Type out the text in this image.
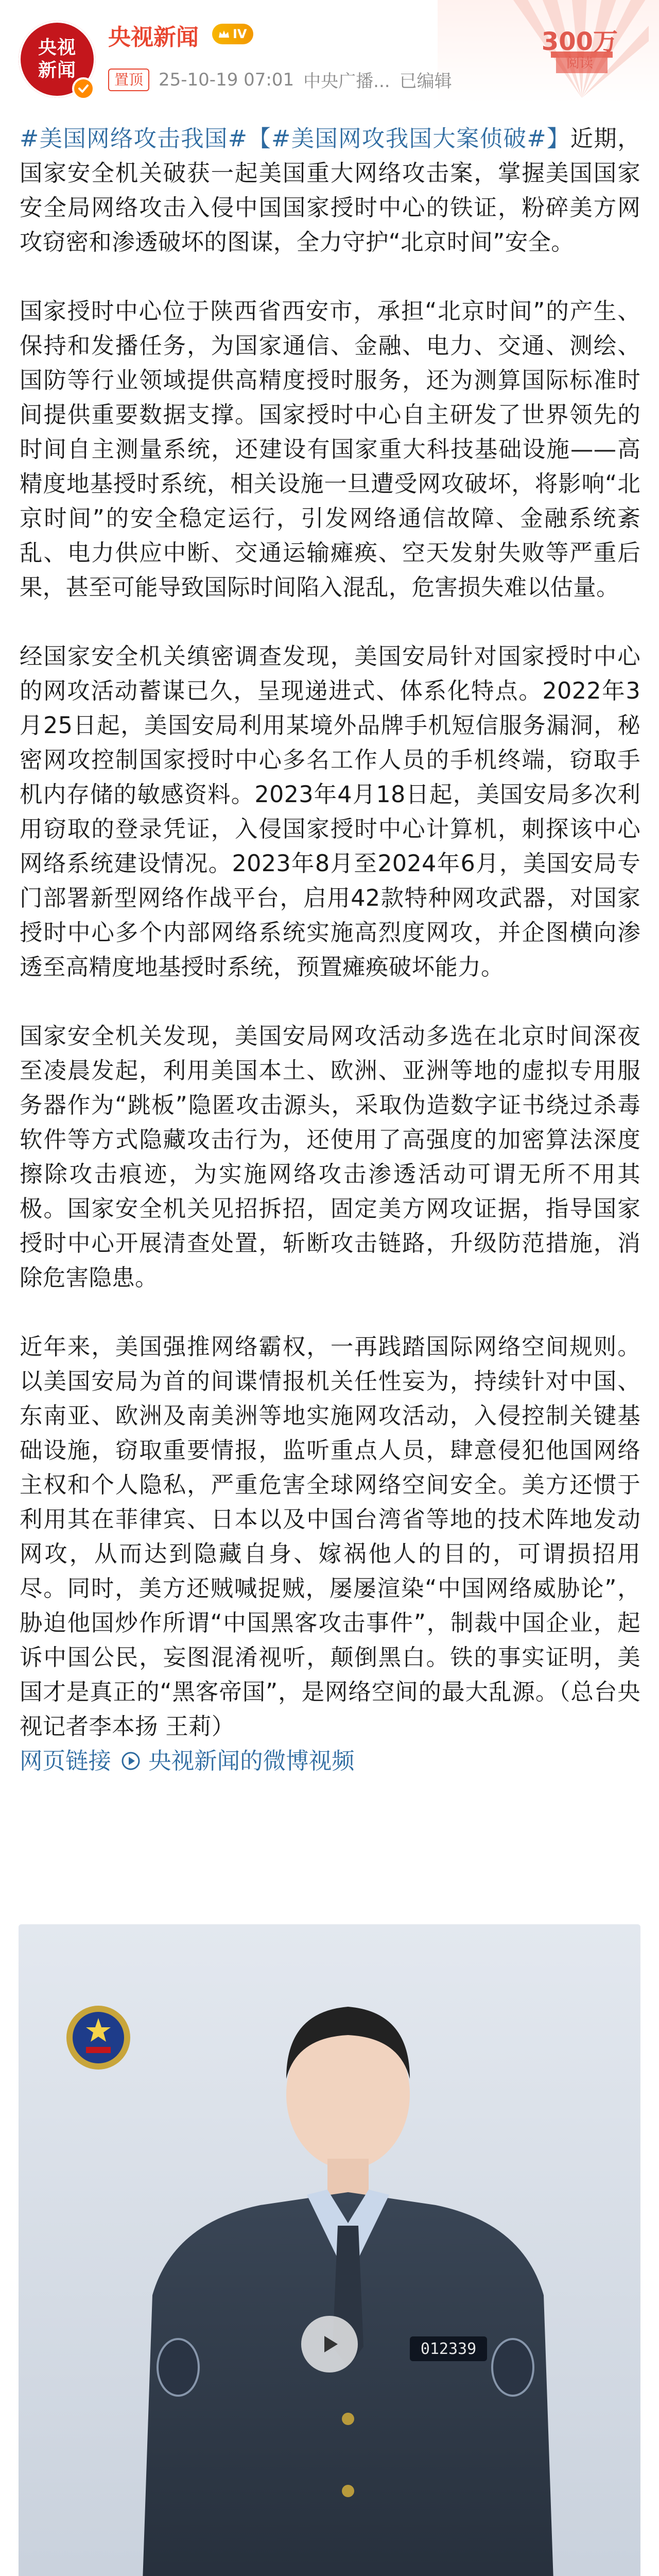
央视
新闻
央视新闻	IV
置顶 25-10-19 07:01 中央广播... 已编辑
300万
阅读

#美国网络攻击我国#【#美国网攻我国大案侦破#】近期，国家安全机关破获一起美国重大网络攻击案，掌握美国国家安全局网络攻击入侵中国国家授时中心的铁证，粉碎美方网攻窃密和渗透破坏的图谋，全力守护“北京时间”安全。

国家授时中心位于陕西省西安市，承担“北京时间”的产生、保持和发播任务，为国家通信、金融、电力、交通、测绘、国防等行业领域提供高精度授时服务，还为测算国际标准时间提供重要数据支撑。国家授时中心自主研发了世界领先的时间自主测量系统，还建设有国家重大科技基础设施——高精度地基授时系统，相关设施一旦遭受网攻破坏，将影响“北京时间”的安全稳定运行，引发网络通信故障、金融系统紊乱、电力供应中断、交通运输瘫痪、空天发射失败等严重后果，甚至可能导致国际时间陷入混乱，危害损失难以估量。

经国家安全机关缜密调查发现，美国安局针对国家授时中心的网攻活动蓄谋已久，呈现递进式、体系化特点。2022年3月25日起，美国安局利用某境外品牌手机短信服务漏洞，秘密网攻控制国家授时中心多名工作人员的手机终端，窃取手机内存储的敏感资料。2023年4月18日起，美国安局多次利用窃取的登录凭证，入侵国家授时中心计算机，刺探该中心网络系统建设情况。2023年8月至2024年6月，美国安局专门部署新型网络作战平台，启用42款特种网攻武器，对国家授时中心多个内部网络系统实施高烈度网攻，并企图横向渗透至高精度地基授时系统，预置瘫痪破坏能力。

国家安全机关发现，美国安局网攻活动多选在北京时间深夜至凌晨发起，利用美国本土、欧洲、亚洲等地的虚拟专用服务器作为“跳板”隐匿攻击源头，采取伪造数字证书绕过杀毒软件等方式隐藏攻击行为，还使用了高强度的加密算法深度擦除攻击痕迹，为实施网络攻击渗透活动可谓无所不用其极。国家安全机关见招拆招，固定美方网攻证据，指导国家授时中心开展清查处置，斩断攻击链路，升级防范措施，消除危害隐患。

近年来，美国强推网络霸权，一再践踏国际网络空间规则。以美国安局为首的间谍情报机关任性妄为，持续针对中国、东南亚、欧洲及南美洲等地实施网攻活动，入侵控制关键基础设施，窃取重要情报，监听重点人员，肆意侵犯他国网络主权和个人隐私，严重危害全球网络空间安全。美方还惯于利用其在菲律宾、日本以及中国台湾省等地的技术阵地发动网攻，从而达到隐藏自身、嫁祸他人的目的，可谓损招用尽。同时，美方还贼喊捉贼，屡屡渲染“中国网络威胁论”，胁迫他国炒作所谓“中国黑客攻击事件”，制裁中国企业，起诉中国公民，妄图混淆视听，颠倒黑白。铁的事实证明，美国才是真正的“黑客帝国”，是网络空间的最大乱源。（总台央视记者李本扬 王莉）

网页链接	央视新闻的微博视频
012339
